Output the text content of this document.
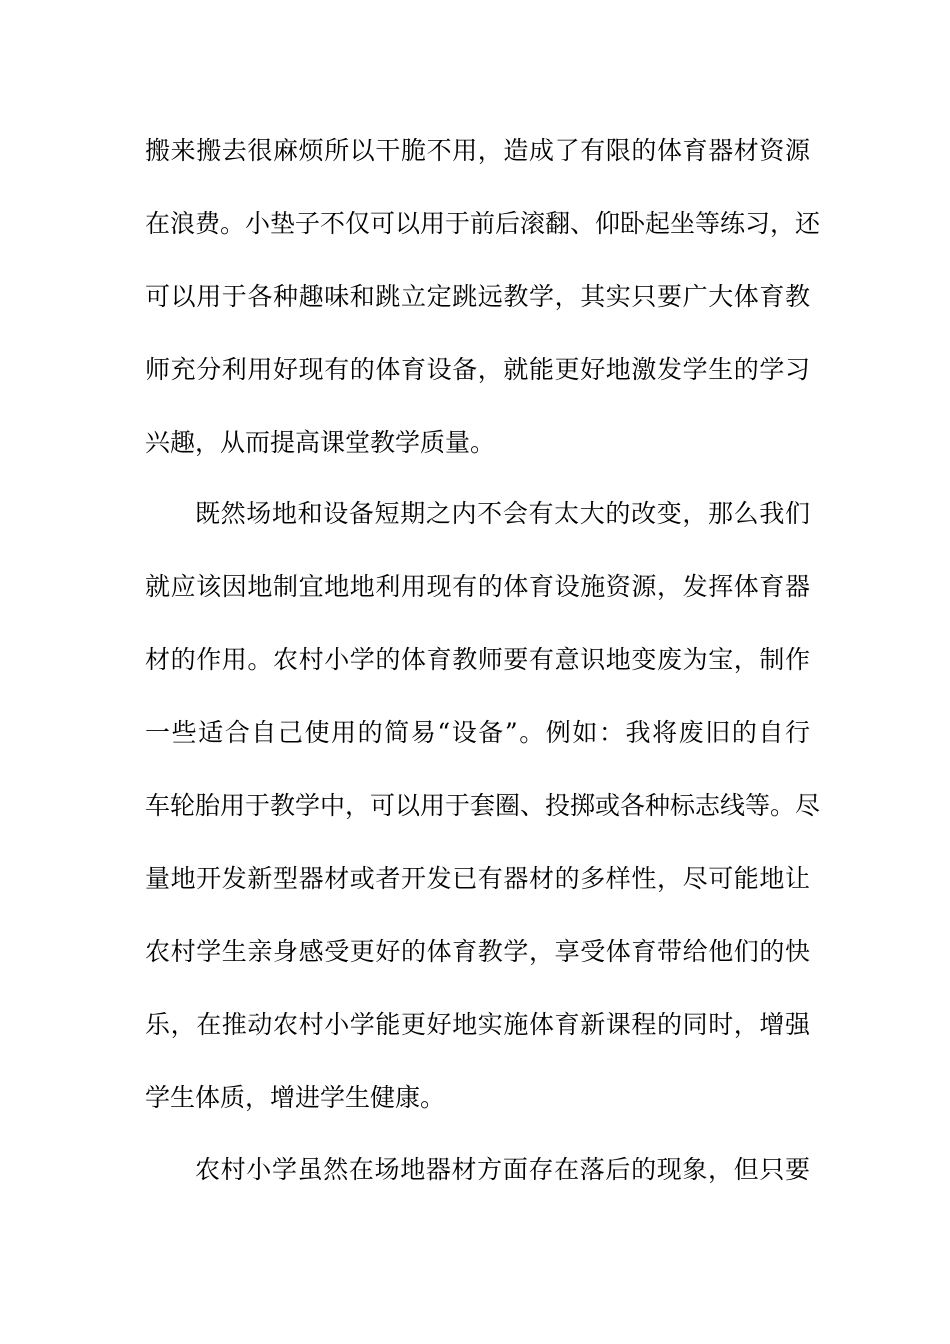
搬来搬去很麻烦所以干脆不用，造成了有限的体育器材资源
在浪费。小垫子不仅可以用于前后滚翻、仰卧起坐等练习，还
可以用于各种趣味和跳立定跳远教学，其实只要广大体育教
师充分利用好现有的体育设备，就能更好地激发学生的学习
兴趣，从而提高课堂教学质量。
既然场地和设备短期之内不会有太大的改变，那么我们
就应该因地制宜地地利用现有的体育设施资源，发挥体育器
材的作用。农村小学的体育教师要有意识地变废为宝，制作
一些适合自己使用的简易“设备”。例如：我将废旧的自行
车轮胎用于教学中，可以用于套圈、投掷或各种标志线等。尽
量地开发新型器材或者开发已有器材的多样性，尽可能地让
农村学生亲身感受更好的体育教学，享受体育带给他们的快
乐，在推动农村小学能更好地实施体育新课程的同时，增强
学生体质，增进学生健康。
农村小学虽然在场地器材方面存在落后的现象，但只要
